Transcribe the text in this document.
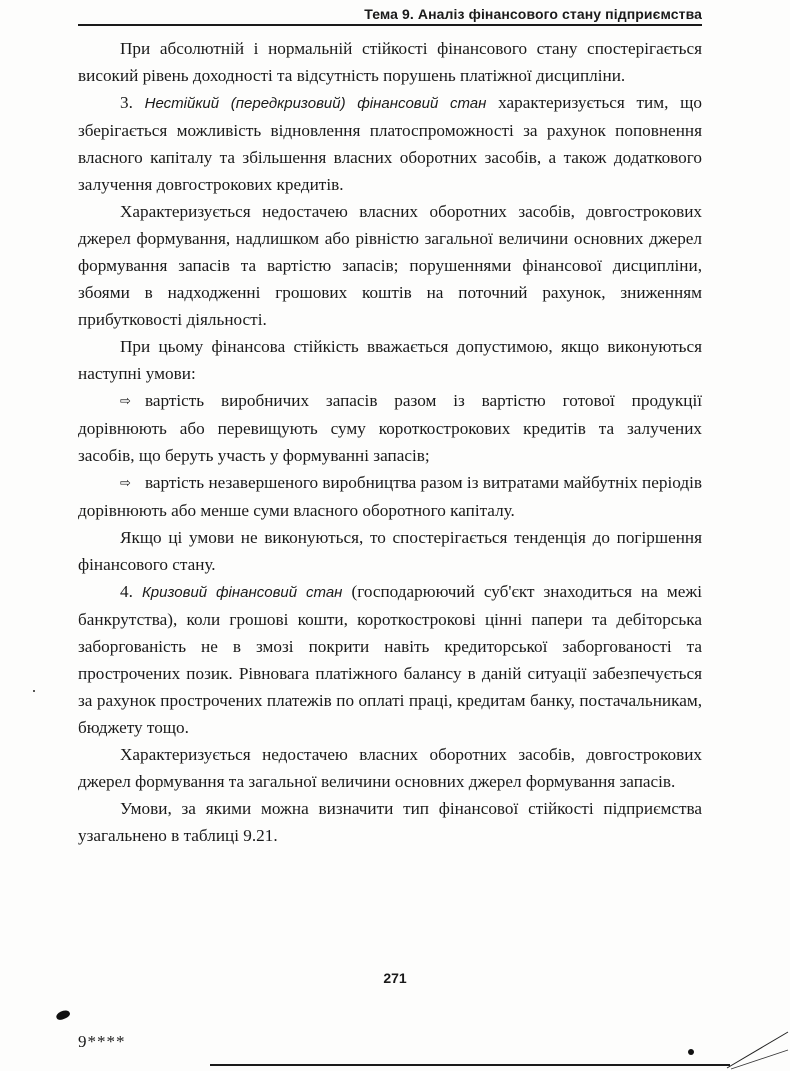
Тема 9. Аналіз фінансового стану підприємства

При абсолютній і нормальній стійкості фінансового стану спостерігається високий рівень доходності та відсутність порушень платіжної дисципліни.

3. Нестійкий (передкризовий) фінансовий стан характеризується тим, що зберігається можливість відновлення платоспроможності за рахунок поповнення власного капіталу та збільшення власних оборотних засобів, а також додаткового залучення довгострокових кредитів.

Характеризується недостачею власних оборотних засобів, довгострокових джерел формування, надлишком або рівністю загальної величини основних джерел формування запасів та вартістю запасів; порушеннями фінансової дисципліни, збоями в надходженні грошових коштів на поточний рахунок, зниженням прибутковості діяльності.

При цьому фінансова стійкість вважається допустимою, якщо виконуються наступні умови:

⇨ вартість виробничих запасів разом із вартістю готової продукції дорівнюють або перевищують суму короткострокових кредитів та залучених засобів, що беруть участь у формуванні запасів;

⇨ вартість незавершеного виробництва разом із витратами майбутніх періодів дорівнюють або менше суми власного оборотного капіталу.

Якщо ці умови не виконуються, то спостерігається тенденція до погіршення фінансового стану.

4. Кризовий фінансовий стан (господарюючий суб'єкт знаходиться на межі банкрутства), коли грошові кошти, короткострокові цінні папери та дебіторська заборгованість не в змозі покрити навіть кредиторської заборгованості та прострочених позик. Рівновага платіжного балансу в даній ситуації забезпечується за рахунок прострочених платежів по оплаті праці, кредитам банку, постачальникам, бюджету тощо.

Характеризується недостачею власних оборотних засобів, довгострокових джерел формування та загальної величини основних джерел формування запасів.

Умови, за якими можна визначити тип фінансової стійкості підприємства узагальнено в таблиці 9.21.

271
9****
